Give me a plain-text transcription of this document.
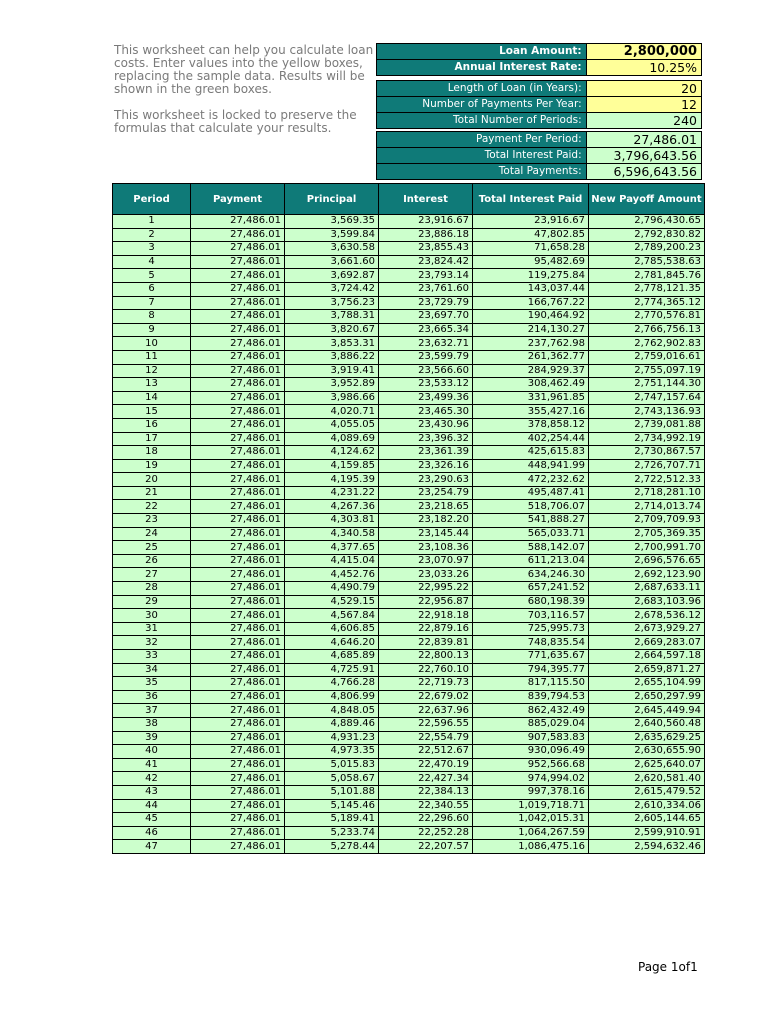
This worksheet can help you calculate loan costs. Enter values into the yellow boxes, replacing the sample data. Results will be shown in the green boxes.

This worksheet is locked to preserve the formulas that calculate your results.

Loan Amount:	2,800,000
Annual Interest Rate:	10.25%
Length of Loan (in Years):	20
Number of Payments Per Year:	12
Total Number of Periods:	240
Payment Per Period:	27,486.01
Total Interest Paid:	3,796,643.56
Total Payments:	6,596,643.56
Period	Payment	Principal	Interest	Total Interest Paid	New Payoff Amount
1	27,486.01	3,569.35	23,916.67	23,916.67	2,796,430.65
2	27,486.01	3,599.84	23,886.18	47,802.85	2,792,830.82
3	27,486.01	3,630.58	23,855.43	71,658.28	2,789,200.23
4	27,486.01	3,661.60	23,824.42	95,482.69	2,785,538.63
5	27,486.01	3,692.87	23,793.14	119,275.84	2,781,845.76
6	27,486.01	3,724.42	23,761.60	143,037.44	2,778,121.35
7	27,486.01	3,756.23	23,729.79	166,767.22	2,774,365.12
8	27,486.01	3,788.31	23,697.70	190,464.92	2,770,576.81
9	27,486.01	3,820.67	23,665.34	214,130.27	2,766,756.13
10	27,486.01	3,853.31	23,632.71	237,762.98	2,762,902.83
11	27,486.01	3,886.22	23,599.79	261,362.77	2,759,016.61
12	27,486.01	3,919.41	23,566.60	284,929.37	2,755,097.19
13	27,486.01	3,952.89	23,533.12	308,462.49	2,751,144.30
14	27,486.01	3,986.66	23,499.36	331,961.85	2,747,157.64
15	27,486.01	4,020.71	23,465.30	355,427.16	2,743,136.93
16	27,486.01	4,055.05	23,430.96	378,858.12	2,739,081.88
17	27,486.01	4,089.69	23,396.32	402,254.44	2,734,992.19
18	27,486.01	4,124.62	23,361.39	425,615.83	2,730,867.57
19	27,486.01	4,159.85	23,326.16	448,941.99	2,726,707.71
20	27,486.01	4,195.39	23,290.63	472,232.62	2,722,512.33
21	27,486.01	4,231.22	23,254.79	495,487.41	2,718,281.10
22	27,486.01	4,267.36	23,218.65	518,706.07	2,714,013.74
23	27,486.01	4,303.81	23,182.20	541,888.27	2,709,709.93
24	27,486.01	4,340.58	23,145.44	565,033.71	2,705,369.35
25	27,486.01	4,377.65	23,108.36	588,142.07	2,700,991.70
26	27,486.01	4,415.04	23,070.97	611,213.04	2,696,576.65
27	27,486.01	4,452.76	23,033.26	634,246.30	2,692,123.90
28	27,486.01	4,490.79	22,995.22	657,241.52	2,687,633.11
29	27,486.01	4,529.15	22,956.87	680,198.39	2,683,103.96
30	27,486.01	4,567.84	22,918.18	703,116.57	2,678,536.12
31	27,486.01	4,606.85	22,879.16	725,995.73	2,673,929.27
32	27,486.01	4,646.20	22,839.81	748,835.54	2,669,283.07
33	27,486.01	4,685.89	22,800.13	771,635.67	2,664,597.18
34	27,486.01	4,725.91	22,760.10	794,395.77	2,659,871.27
35	27,486.01	4,766.28	22,719.73	817,115.50	2,655,104.99
36	27,486.01	4,806.99	22,679.02	839,794.53	2,650,297.99
37	27,486.01	4,848.05	22,637.96	862,432.49	2,645,449.94
38	27,486.01	4,889.46	22,596.55	885,029.04	2,640,560.48
39	27,486.01	4,931.23	22,554.79	907,583.83	2,635,629.25
40	27,486.01	4,973.35	22,512.67	930,096.49	2,630,655.90
41	27,486.01	5,015.83	22,470.19	952,566.68	2,625,640.07
42	27,486.01	5,058.67	22,427.34	974,994.02	2,620,581.40
43	27,486.01	5,101.88	22,384.13	997,378.16	2,615,479.52
44	27,486.01	5,145.46	22,340.55	1,019,718.71	2,610,334.06
45	27,486.01	5,189.41	22,296.60	1,042,015.31	2,605,144.65
46	27,486.01	5,233.74	22,252.28	1,064,267.59	2,599,910.91
47	27,486.01	5,278.44	22,207.57	1,086,475.16	2,594,632.46
Page 1of1
